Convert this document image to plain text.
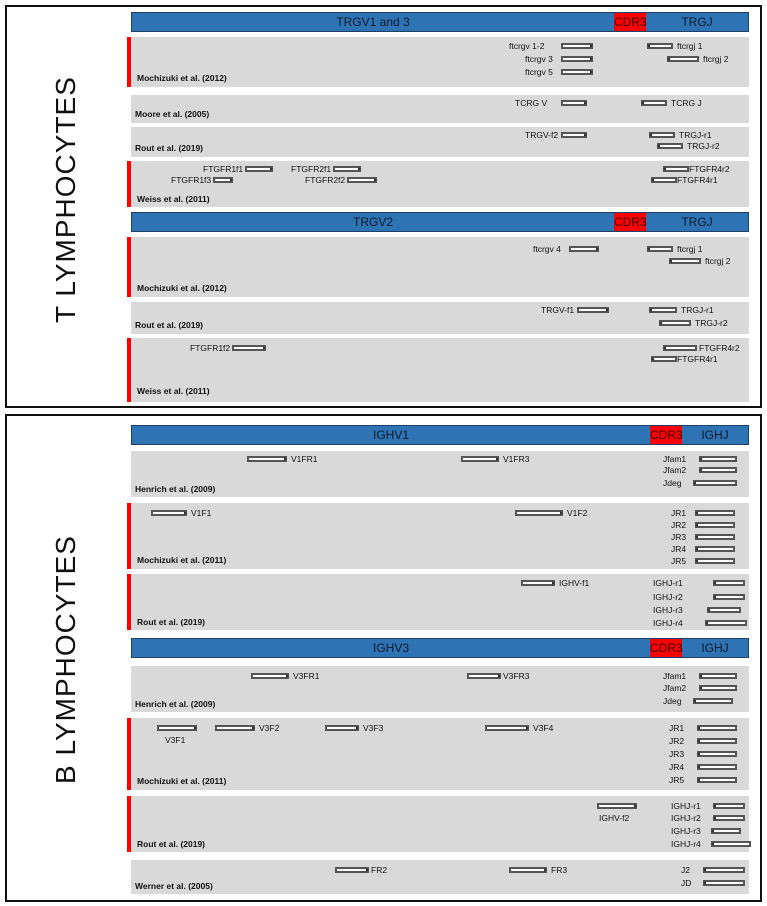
T LYMPHOCYTES
B LYMPHOCYTES
TRGV1 and 3	CDR3	TRGJ
TRGV2	CDR3	TRGJ
IGHV1	CDR3	IGHJ
IGHV3	CDR3	IGHJ
Mochizuki et al. (2012)
ftcrgv 1-2
ftcrgv 3
ftcrgv 5
ftcrgj 1
ftcrgj 2
Moore et al. (2005)
TCRG V	TCRG J
Rout et al. (2019)
TRGV-f2	TRGJ-r1
TRGJ-r2
Weiss et al. (2011)
FTGFR1f1
FTGFR1f3
FTGFR2f1
FTGFR2f2
FTGFR4r2
FTGFR4r1
Mochizuki et al. (2012)
ftcrgv 4	ftcrgj 1
ftcrgj 2
Rout et al. (2019)
TRGV-f1	TRGJ-r1
TRGJ-r2
Weiss et al. (2011)
FTGFR1f2	FTGFR4r2
FTGFR4r1
Henrich et al. (2009)
V1FR1	V1FR3	Jfam1
Jfam2
Jdeg
Mochizuki et al. (2011)
V1F1	V1F2	JR1
JR2
JR3
JR4
JR5
Rout et al. (2019)
IGHV-f1	IGHJ-r1
IGHJ-r2
IGHJ-r3
IGHJ-r4
Henrich et al. (2009)
V3FR1	V3FR3	Jfam1
Jfam2
Jdeg
Mochizuki et al. (2011)
V3F1
V3F2	V3F3	V3F4	JR1
JR2
JR3
JR4
JR5
Rout et al. (2019)
IGHV-f2
IGHJ-r1
IGHJ-r2
IGHJ-r3
IGHJ-r4
Werner et al. (2005)
FR2	FR3	J2
JD
